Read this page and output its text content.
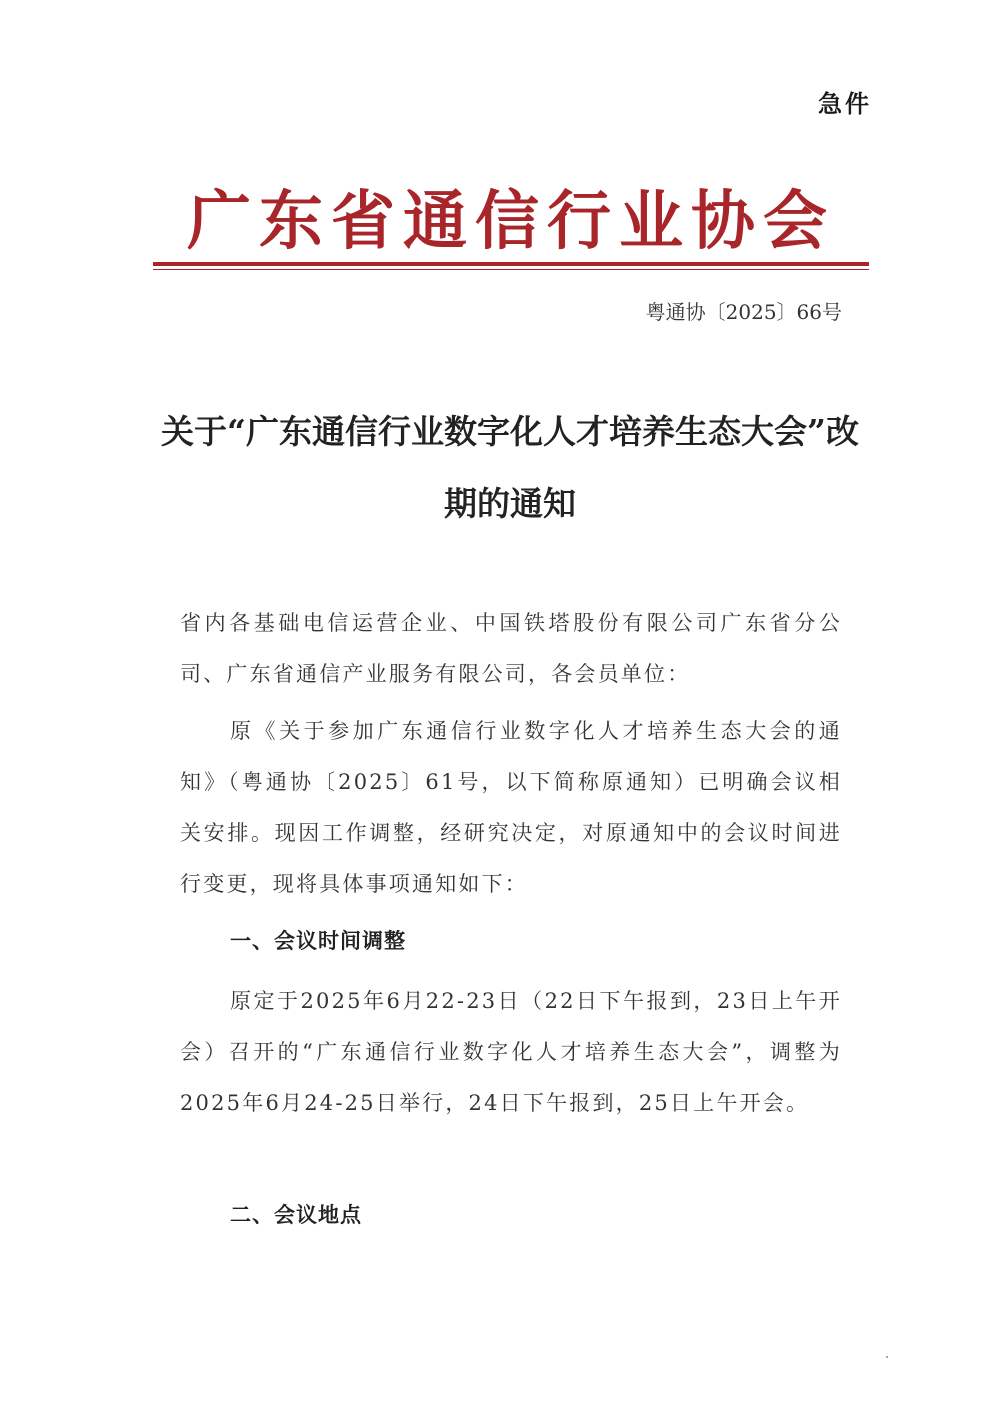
急件
广东省通信行业协会
粤通协〔2025〕66号
关于“广东通信行业数字化人才培养生态大会”改期的通知
省内各基础电信运营企业、中国铁塔股份有限公司广东省分公司、广东省通信产业服务有限公司，各会员单位：
原《关于参加广东通信行业数字化人才培养生态大会的通知》（粤通协〔2025〕61号，以下简称原通知）已明确会议相关安排。现因工作调整，经研究决定，对原通知中的会议时间进行变更，现将具体事项通知如下：
一、会议时间调整
原定于2025年6月22-23日（22日下午报到，23日上午开会）召开的“广东通信行业数字化人才培养生态大会”，调整为2025年6月24-25日举行，24日下午报到，25日上午开会。
二、会议地点
